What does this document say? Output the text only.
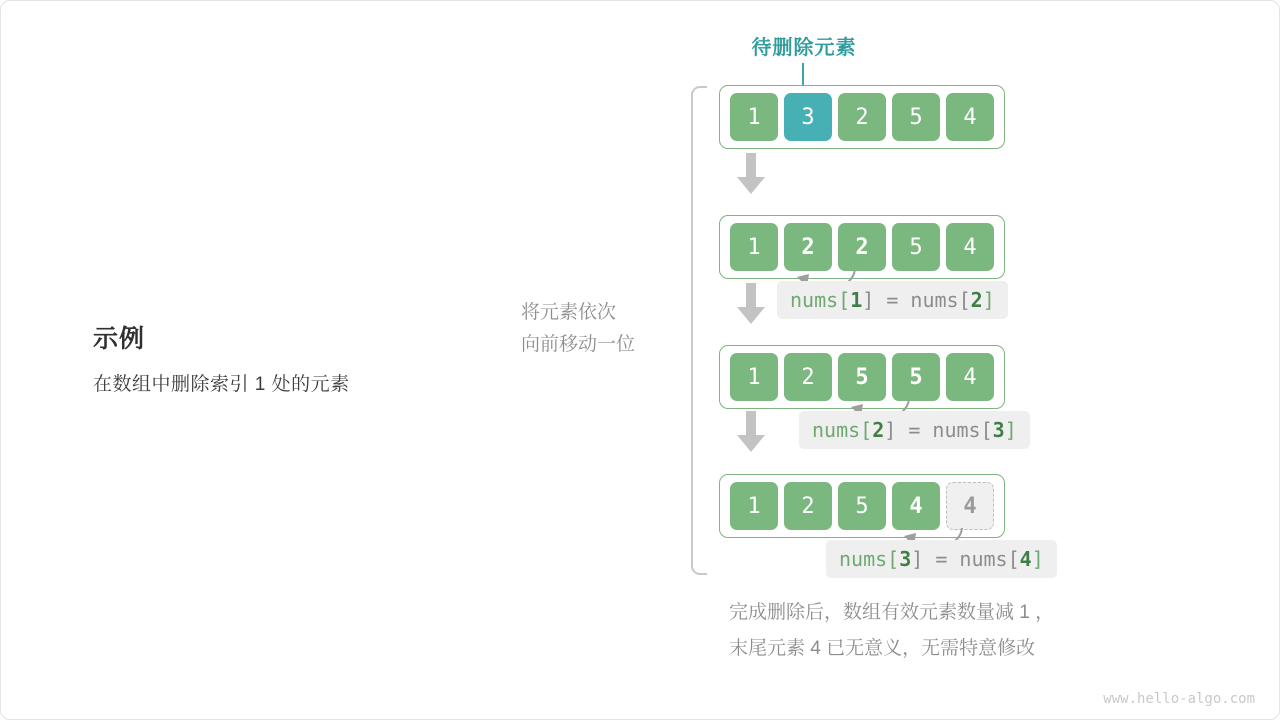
待删除元素
示例
在数组中删除索引 1 处的元素
将元素依次
向前移动一位
1	3	2	5	4
1	2	2	5	4
nums[1] = nums[2]
1	2	5	5	4
nums[2] = nums[3]
1	2	5	4	4
nums[3] = nums[4]
完成删除后，数组有效元素数量减 1 ，
末尾元素 4 已无意义，无需特意修改
www.hello-algo.com
